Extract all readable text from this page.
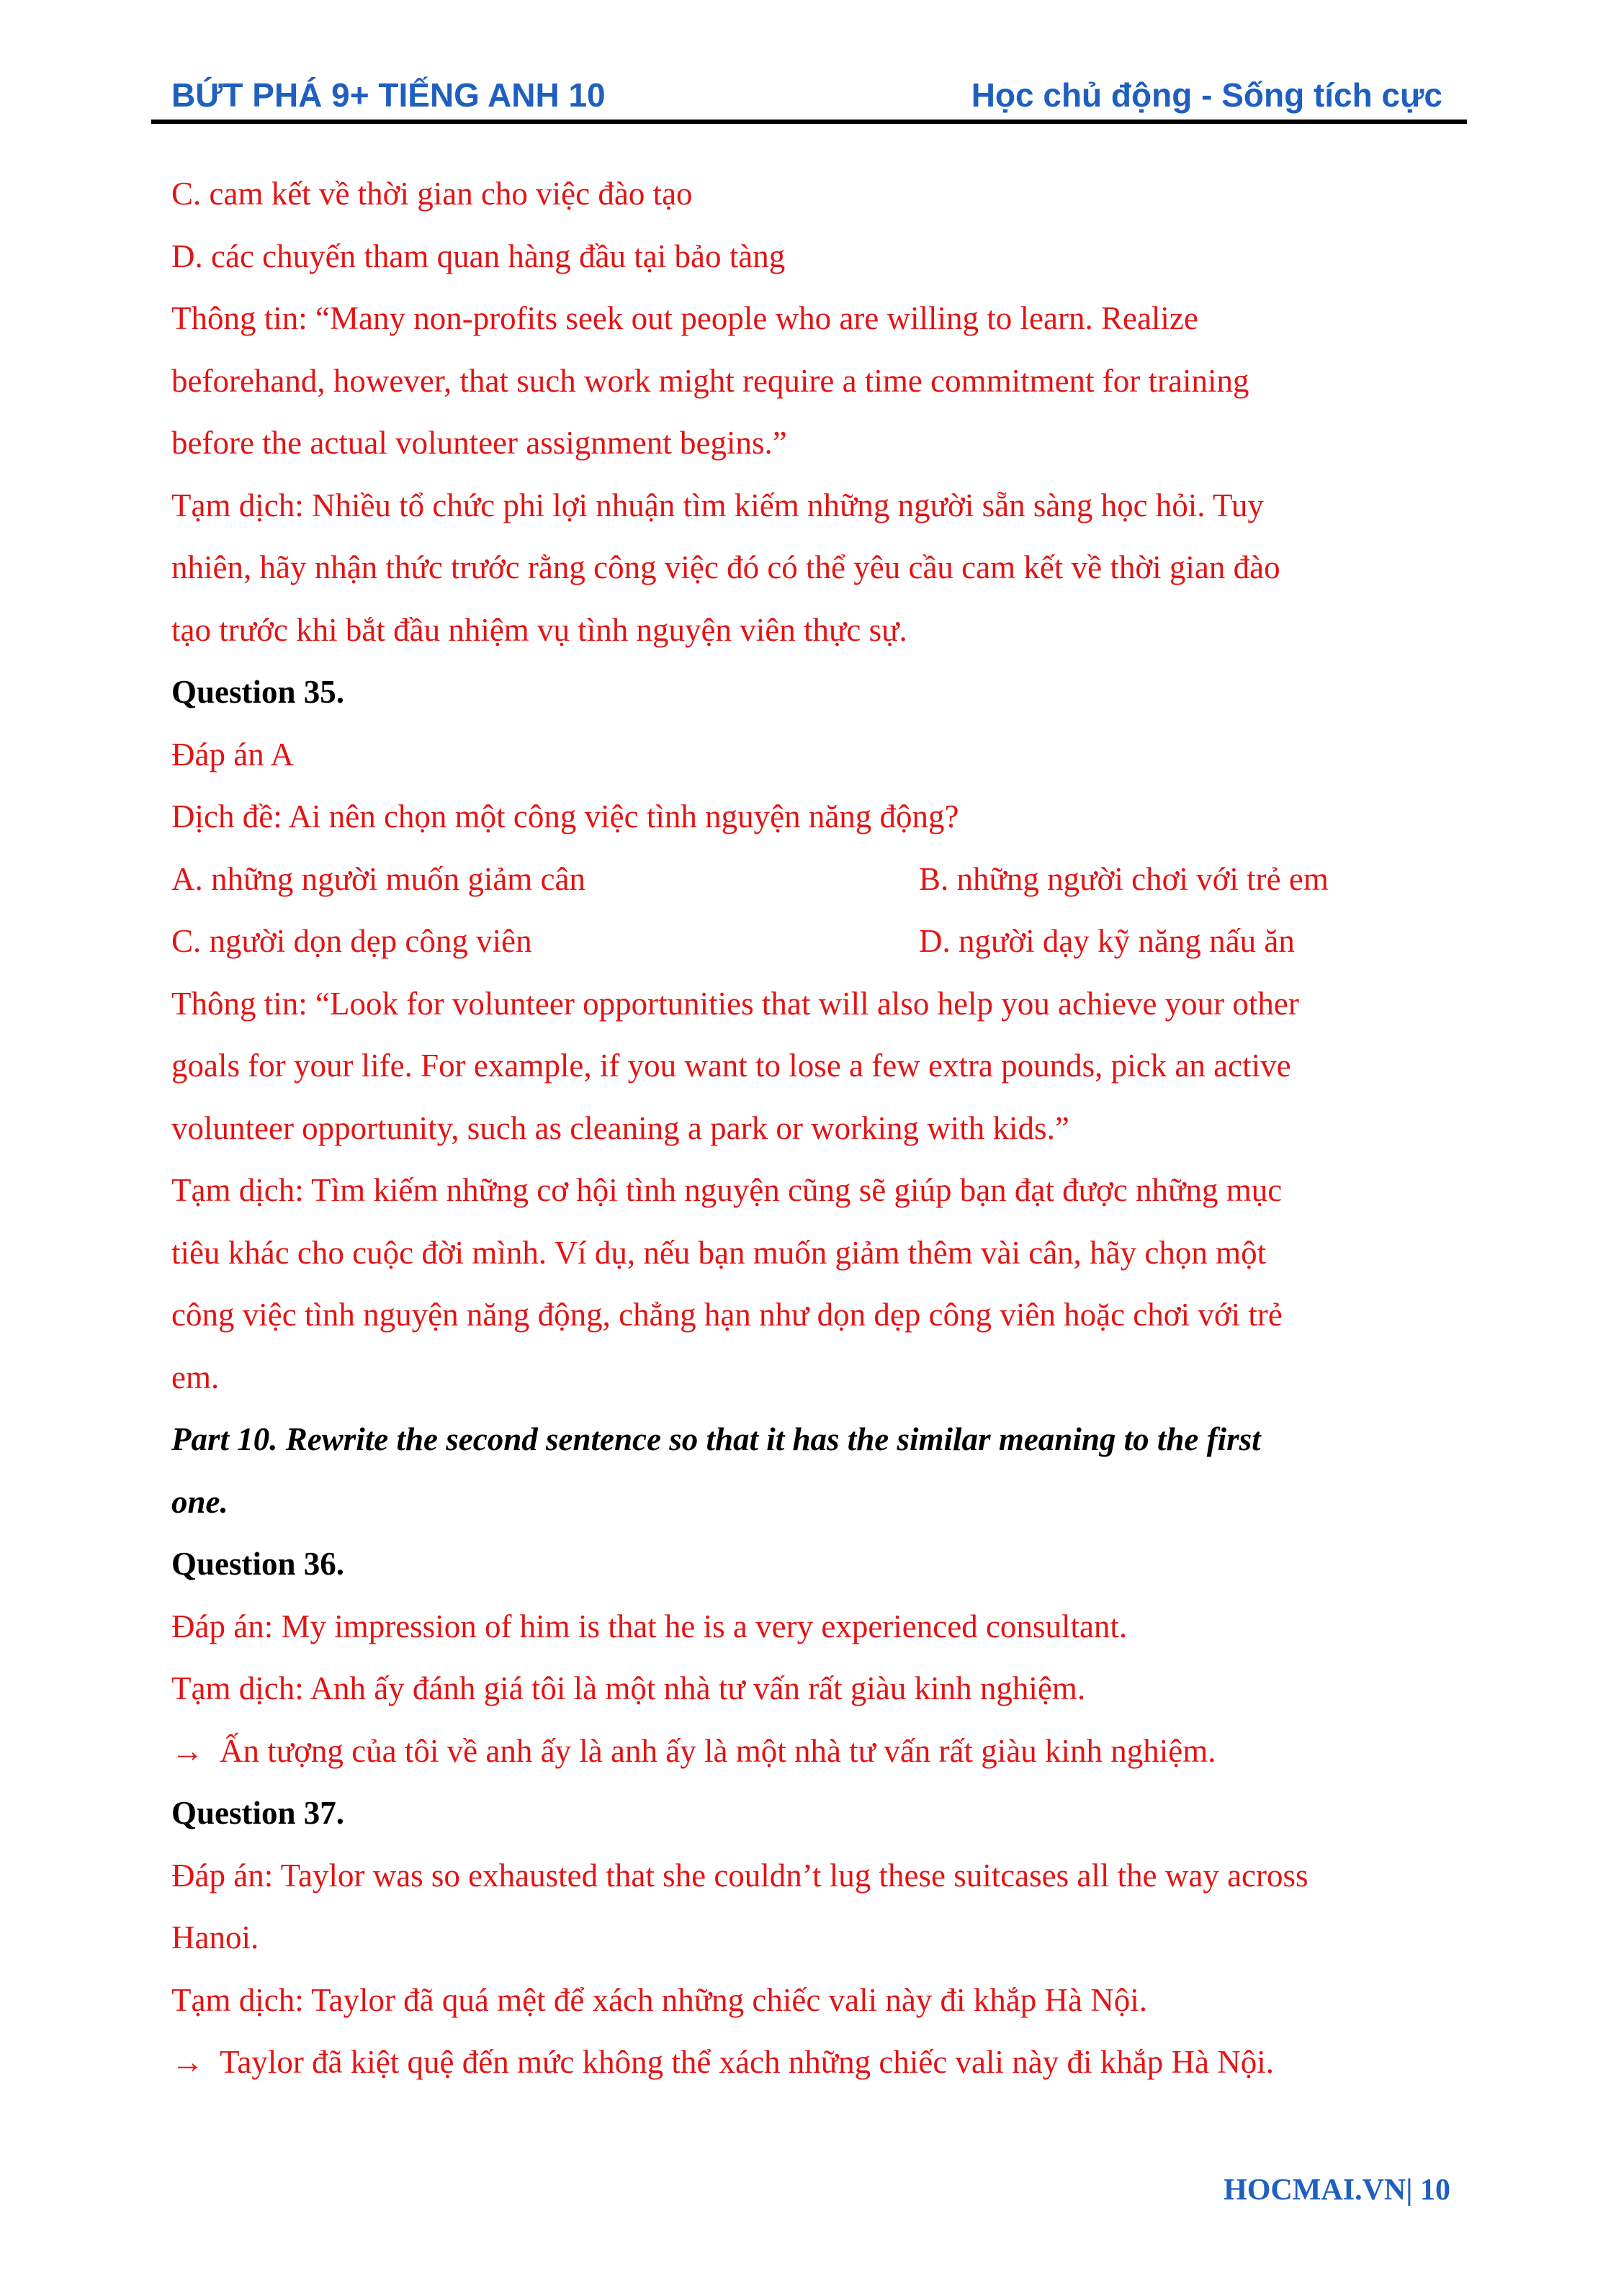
BỨT PHÁ 9+ TIẾNG ANH 10	Học chủ động - Sống tích cực
C. cam kết về thời gian cho việc đào tạo
D. các chuyến tham quan hàng đầu tại bảo tàng
Thông tin: “Many non-profits seek out people who are willing to learn. Realize
beforehand, however, that such work might require a time commitment for training
before the actual volunteer assignment begins.”
Tạm dịch: Nhiều tổ chức phi lợi nhuận tìm kiếm những người sẵn sàng học hỏi. Tuy
nhiên, hãy nhận thức trước rằng công việc đó có thể yêu cầu cam kết về thời gian đào
tạo trước khi bắt đầu nhiệm vụ tình nguyện viên thực sự.
Question 35.
Đáp án A
Dịch đề: Ai nên chọn một công việc tình nguyện năng động?
A. những người muốn giảm cân	B. những người chơi với trẻ em
C. người dọn dẹp công viên	D. người dạy kỹ năng nấu ăn
Thông tin: “Look for volunteer opportunities that will also help you achieve your other
goals for your life. For example, if you want to lose a few extra pounds, pick an active
volunteer opportunity, such as cleaning a park or working with kids.”
Tạm dịch: Tìm kiếm những cơ hội tình nguyện cũng sẽ giúp bạn đạt được những mục
tiêu khác cho cuộc đời mình. Ví dụ, nếu bạn muốn giảm thêm vài cân, hãy chọn một
công việc tình nguyện năng động, chẳng hạn như dọn dẹp công viên hoặc chơi với trẻ
em.
Part 10. Rewrite the second sentence so that it has the similar meaning to the first
one.
Question 36.
Đáp án: My impression of him is that he is a very experienced consultant.
Tạm dịch: Anh ấy đánh giá tôi là một nhà tư vấn rất giàu kinh nghiệm.
→ Ấn tượng của tôi về anh ấy là anh ấy là một nhà tư vấn rất giàu kinh nghiệm.
Question 37.
Đáp án: Taylor was so exhausted that she couldn’t lug these suitcases all the way across
Hanoi.
Tạm dịch: Taylor đã quá mệt để xách những chiếc vali này đi khắp Hà Nội.
→ Taylor đã kiệt quệ đến mức không thể xách những chiếc vali này đi khắp Hà Nội.
HOCMAI.VN| 10
